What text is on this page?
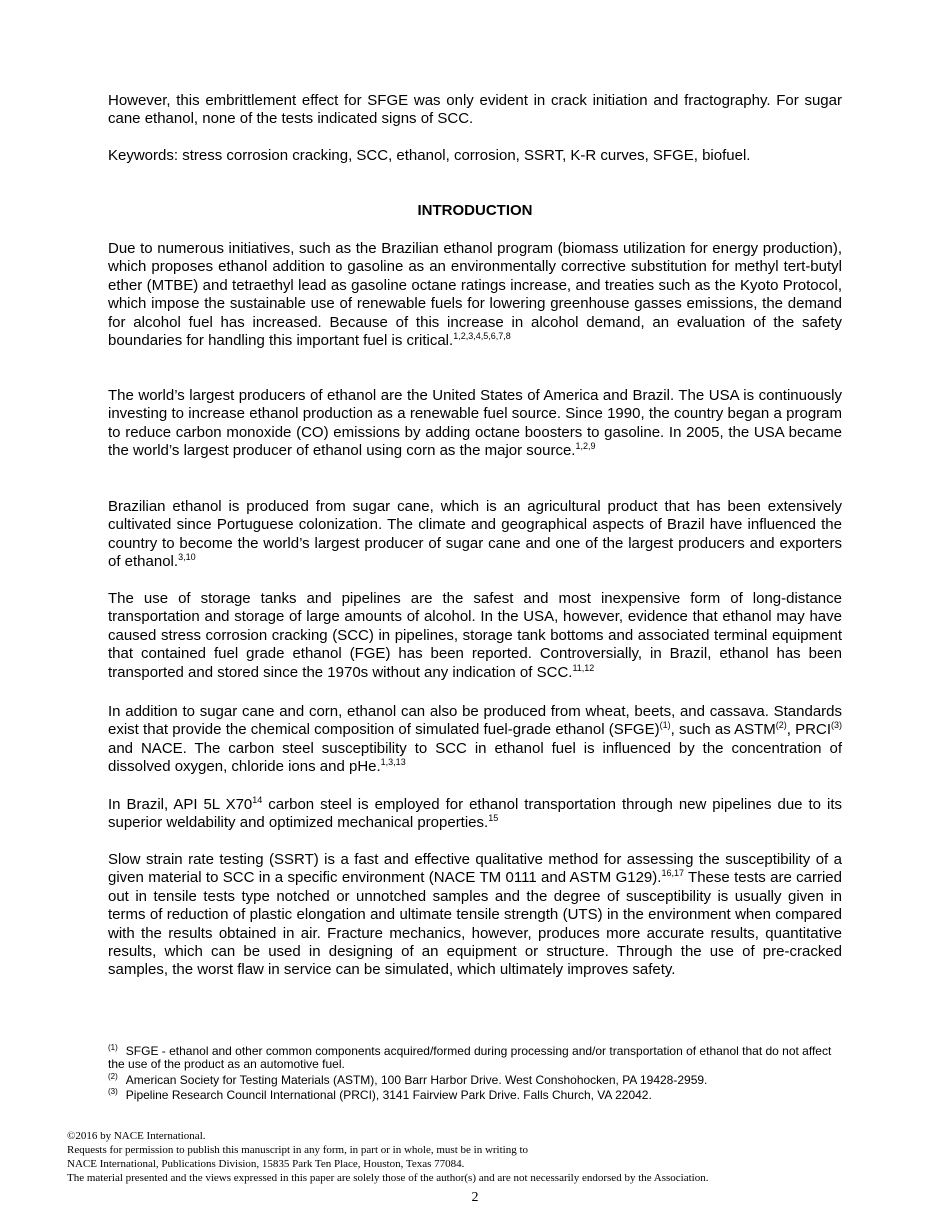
However, this embrittlement effect for SFGE was only evident in crack initiation and fractography. For sugar cane ethanol, none of the tests indicated signs of SCC.

Keywords: stress corrosion cracking, SCC, ethanol, corrosion, SSRT, K-R curves, SFGE, biofuel.

INTRODUCTION

Due to numerous initiatives, such as the Brazilian ethanol program (biomass utilization for energy production), which proposes ethanol addition to gasoline as an environmentally corrective substitution for methyl tert-butyl ether (MTBE) and tetraethyl lead as gasoline octane ratings increase, and treaties such as the Kyoto Protocol, which impose the sustainable use of renewable fuels for lowering greenhouse gasses emissions, the demand for alcohol fuel has increased. Because of this increase in alcohol demand, an evaluation of the safety boundaries for handling this important fuel is critical.$^{1,2,3,4,5,6,7,8}$

The world’s largest producers of ethanol are the United States of America and Brazil. The USA is continuously investing to increase ethanol production as a renewable fuel source. Since 1990, the country began a program to reduce carbon monoxide (CO) emissions by adding octane boosters to gasoline. In 2005, the USA became the world’s largest producer of ethanol using corn as the major source.$^{1,2,9}$

Brazilian ethanol is produced from sugar cane, which is an agricultural product that has been extensively cultivated since Portuguese colonization. The climate and geographical aspects of Brazil have influenced the country to become the world’s largest producer of sugar cane and one of the largest producers and exporters of ethanol.$^{3,10}$

The use of storage tanks and pipelines are the safest and most inexpensive form of long-distance transportation and storage of large amounts of alcohol. In the USA, however, evidence that ethanol may have caused stress corrosion cracking (SCC) in pipelines, storage tank bottoms and associated terminal equipment that contained fuel grade ethanol (FGE) has been reported. Controversially, in Brazil, ethanol has been transported and stored since the 1970s without any indication of SCC.$^{11,12}$

In addition to sugar cane and corn, ethanol can also be produced from wheat, beets, and cassava. Standards exist that provide the chemical composition of simulated fuel-grade ethanol (SFGE)$^{(1)}$, such as ASTM$^{(2)}$, PRCI$^{(3)}$ and NACE. The carbon steel susceptibility to SCC in ethanol fuel is influenced by the concentration of dissolved oxygen, chloride ions and pHe.$^{1,3,13}$

In Brazil, API 5L $X70^{14}$ carbon steel is employed for ethanol transportation through new pipelines due to its superior weldability and optimized mechanical properties.$^{15}$

Slow strain rate testing (SSRT) is a fast and effective qualitative method for assessing the susceptibility of a given material to SCC in a specific environment (NACE TM 0111 and ASTM G129).$^{16,17}$ These tests are carried out in tensile tests type notched or unnotched samples and the degree of susceptibility is usually given in terms of reduction of plastic elongation and ultimate tensile strength (UTS) in the environment when compared with the results obtained in air. Fracture mechanics, however, produces more accurate results, quantitative results, which can be used in designing of an equipment or structure. Through the use of pre-cracked samples, the worst flaw in service can be simulated, which ultimately improves safety.

$^{(1)}$ SFGE - ethanol and other common components acquired/formed during processing and/or transportation of ethanol that do not affect the use of the product as an automotive fuel.
$^{(2)}$ American Society for Testing Materials (ASTM), 100 Barr Harbor Drive. West Conshohocken, PA 19428-2959.
$^{(3)}$ Pipeline Research Council International (PRCI), 3141 Fairview Park Drive. Falls Church, VA 22042.
©2016 by NACE International.
Requests for permission to publish this manuscript in any form, in part or in whole, must be in writing to
NACE International, Publications Division, 15835 Park Ten Place, Houston, Texas 77084.
The material presented and the views expressed in this paper are solely those of the author(s) and are not necessarily endorsed by the Association.
2
